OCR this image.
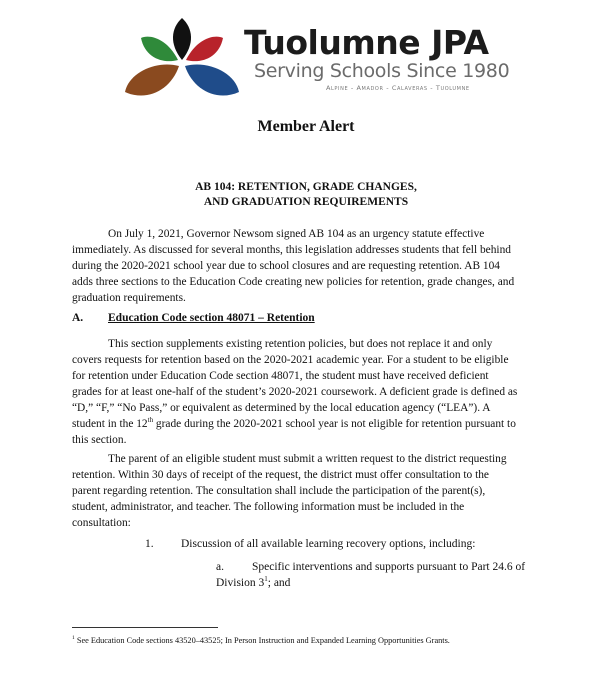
Tuolumne JPA
Serving Schools Since 1980
Alpine - Amador - Calaveras - Tuolumne
Member Alert
AB 104: RETENTION, GRADE CHANGES,
AND GRADUATION REQUIREMENTS
On July 1, 2021, Governor Newsom signed AB 104 as an urgency statute effective
immediately. As discussed for several months, this legislation addresses students that fell behind
during the 2020-2021 school year due to school closures and are requesting retention. AB 104
adds three sections to the Education Code creating new policies for retention, grade changes, and
graduation requirements.
A. Education Code section 48071 – Retention
This section supplements existing retention policies, but does not replace it and only
covers requests for retention based on the 2020-2021 academic year. For a student to be eligible
for retention under Education Code section 48071, the student must have received deficient
grades for at least one-half of the student’s 2020-2021 coursework. A deficient grade is defined as
“D,” “F,” “No Pass,” or equivalent as determined by the local education agency (“LEA”). A
student in the 12th grade during the 2020-2021 school year is not eligible for retention pursuant to
this section.
The parent of an eligible student must submit a written request to the district requesting
retention. Within 30 days of receipt of the request, the district must offer consultation to the
parent regarding retention. The consultation shall include the participation of the parent(s),
student, administrator, and teacher. The following information must be included in the
consultation:
1. Discussion of all available learning recovery options, including:
a. Specific interventions and supports pursuant to Part 24.6 of
Division $3^1$; and
$^1$ See Education Code sections 43520–43525; In Person Instruction and Expanded Learning Opportunities Grants.
